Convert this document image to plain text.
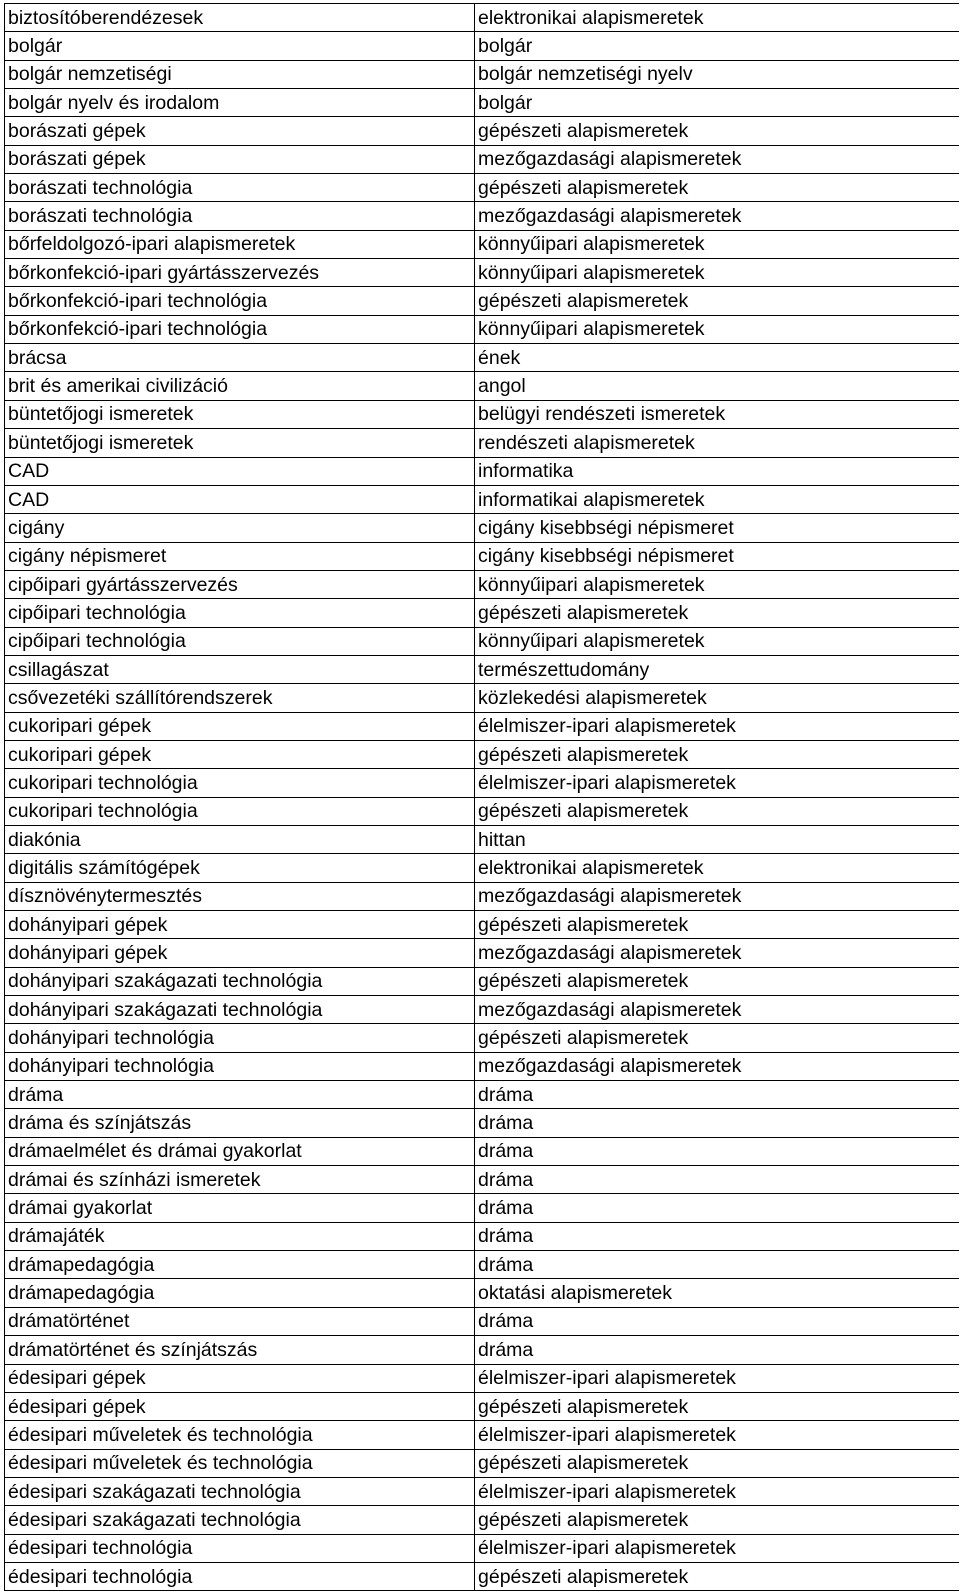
biztosítóberendézesek	elektronikai alapismeretek
bolgár	bolgár
bolgár nemzetiségi	bolgár nemzetiségi nyelv
bolgár nyelv és irodalom	bolgár
borászati gépek	gépészeti alapismeretek
borászati gépek	mezőgazdasági alapismeretek
borászati technológia	gépészeti alapismeretek
borászati technológia	mezőgazdasági alapismeretek
bőrfeldolgozó-ipari alapismeretek	könnyűipari alapismeretek
bőrkonfekció-ipari gyártásszervezés	könnyűipari alapismeretek
bőrkonfekció-ipari technológia	gépészeti alapismeretek
bőrkonfekció-ipari technológia	könnyűipari alapismeretek
brácsa	ének
brit és amerikai civilizáció	angol
büntetőjogi ismeretek	belügyi rendészeti ismeretek
büntetőjogi ismeretek	rendészeti alapismeretek
CAD	informatika
CAD	informatikai alapismeretek
cigány	cigány kisebbségi népismeret
cigány népismeret	cigány kisebbségi népismeret
cipőipari gyártásszervezés	könnyűipari alapismeretek
cipőipari technológia	gépészeti alapismeretek
cipőipari technológia	könnyűipari alapismeretek
csillagászat	természettudomány
csővezetéki szállítórendszerek	közlekedési alapismeretek
cukoripari gépek	élelmiszer-ipari alapismeretek
cukoripari gépek	gépészeti alapismeretek
cukoripari technológia	élelmiszer-ipari alapismeretek
cukoripari technológia	gépészeti alapismeretek
diakónia	hittan
digitális számítógépek	elektronikai alapismeretek
dísznövénytermesztés	mezőgazdasági alapismeretek
dohányipari gépek	gépészeti alapismeretek
dohányipari gépek	mezőgazdasági alapismeretek
dohányipari szakágazati technológia	gépészeti alapismeretek
dohányipari szakágazati technológia	mezőgazdasági alapismeretek
dohányipari technológia	gépészeti alapismeretek
dohányipari technológia	mezőgazdasági alapismeretek
dráma	dráma
dráma és színjátszás	dráma
drámaelmélet és drámai gyakorlat	dráma
drámai és színházi ismeretek	dráma
drámai gyakorlat	dráma
drámajáték	dráma
drámapedagógia	dráma
drámapedagógia	oktatási alapismeretek
drámatörténet	dráma
drámatörténet és színjátszás	dráma
édesipari gépek	élelmiszer-ipari alapismeretek
édesipari gépek	gépészeti alapismeretek
édesipari műveletek és technológia	élelmiszer-ipari alapismeretek
édesipari műveletek és technológia	gépészeti alapismeretek
édesipari szakágazati technológia	élelmiszer-ipari alapismeretek
édesipari szakágazati technológia	gépészeti alapismeretek
édesipari technológia	élelmiszer-ipari alapismeretek
édesipari technológia	gépészeti alapismeretek
